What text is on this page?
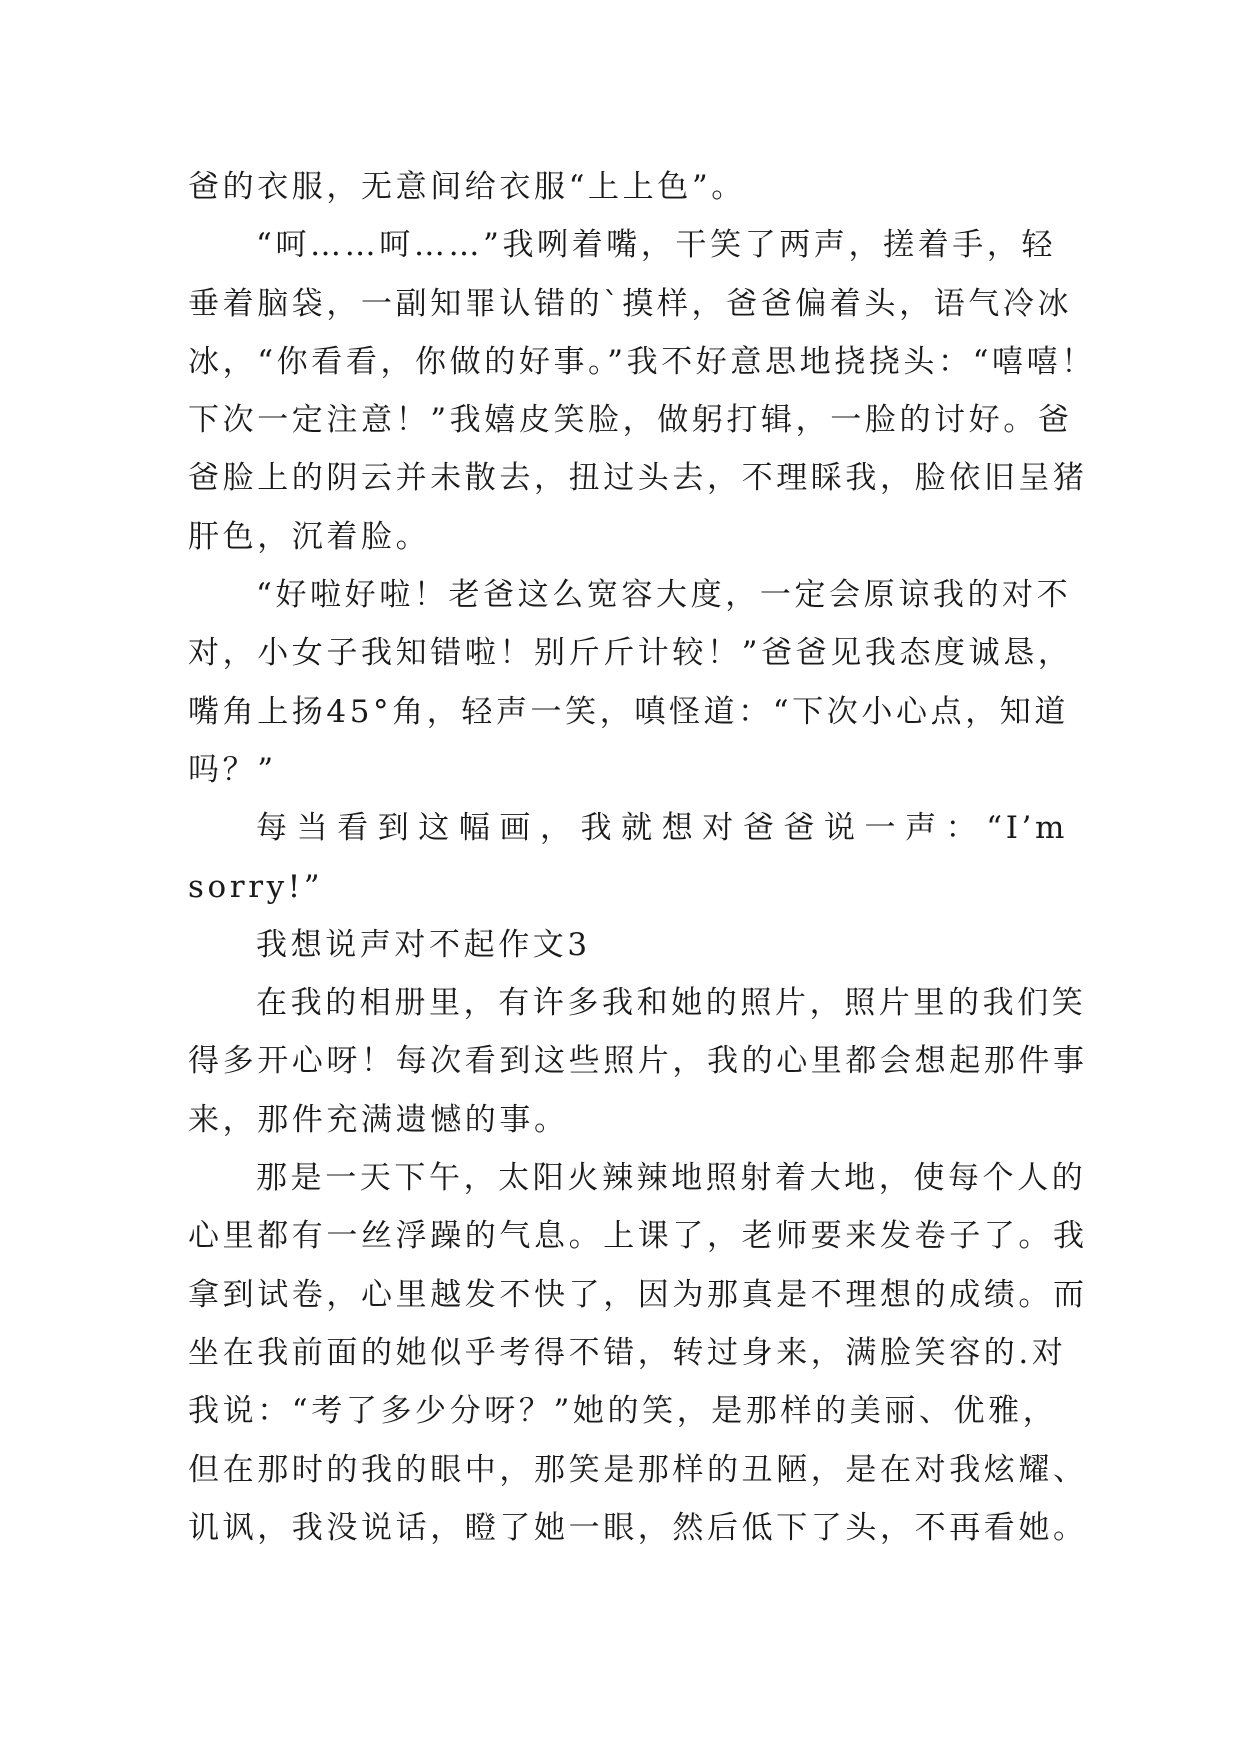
爸的衣服，无意间给衣服“上上色”。
“呵……呵……”我咧着嘴，干笑了两声，搓着手，轻
垂着脑袋，一副知罪认错的`摸样，爸爸偏着头，语气冷冰
冰，“你看看，你做的好事。”我不好意思地挠挠头：“嘻嘻！
下次一定注意！”我嬉皮笑脸，做躬打辑，一脸的讨好。爸
爸脸上的阴云并未散去，扭过头去，不理睬我，脸依旧呈猪
肝色，沉着脸。
“好啦好啦！老爸这么宽容大度，一定会原谅我的对不
对，小女子我知错啦！别斤斤计较！”爸爸见我态度诚恳，
嘴角上扬45°角，轻声一笑，嗔怪道：“下次小心点，知道
吗？”
每当看到这幅画，我就想对爸爸说一声：“I’m
sorry!”
我想说声对不起作文3
在我的相册里，有许多我和她的照片，照片里的我们笑
得多开心呀！每次看到这些照片，我的心里都会想起那件事
来，那件充满遗憾的事。
那是一天下午，太阳火辣辣地照射着大地，使每个人的
心里都有一丝浮躁的气息。上课了，老师要来发卷子了。我
拿到试卷，心里越发不快了，因为那真是不理想的成绩。而
坐在我前面的她似乎考得不错，转过身来，满脸笑容的.对
我说：“考了多少分呀？”她的笑，是那样的美丽、优雅，
但在那时的我的眼中，那笑是那样的丑陋，是在对我炫耀、
讥讽，我没说话，瞪了她一眼，然后低下了头，不再看她。
